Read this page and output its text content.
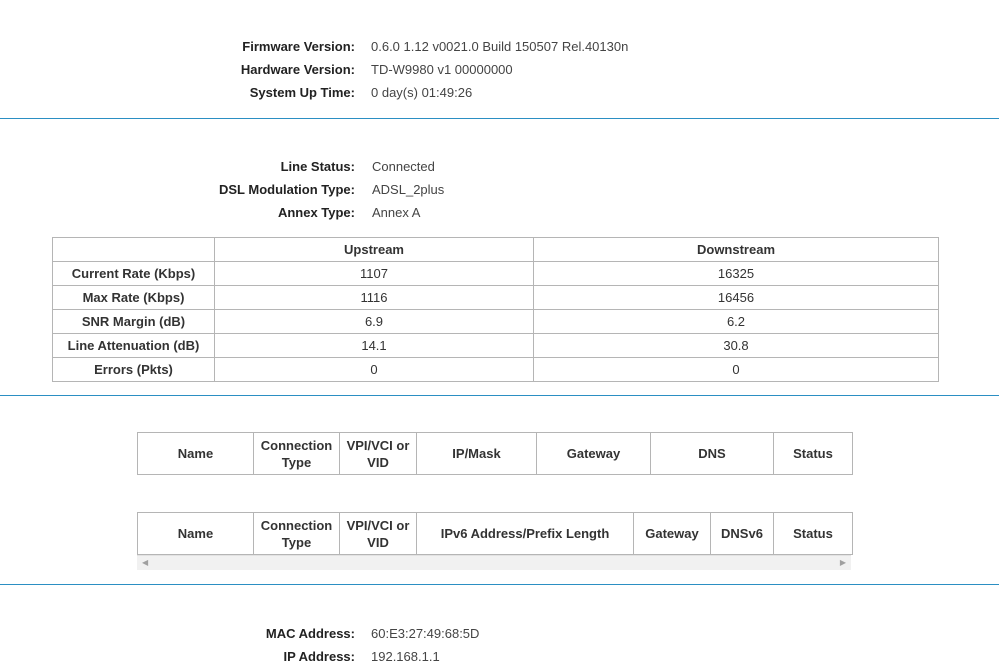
Firmware Version: 0.6.0 1.12 v0021.0 Build 150507 Rel.40130n
Hardware Version: TD-W9980 v1 00000000
System Up Time: 0 day(s) 01:49:26
Line Status: Connected
DSL Modulation Type: ADSL_2plus
Annex Type: Annex A
	Upstream	Downstream
Current Rate (Kbps)	1107	16325
Max Rate (Kbps)	1116	16456
SNR Margin (dB)	6.9	6.2
Line Attenuation (dB)	14.1	30.8
Errors (Pkts)	0	0
Name	Connection Type	VPI/VCI or VID	IP/Mask	Gateway	DNS	Status
Name	Connection Type	VPI/VCI or VID	IPv6 Address/Prefix Length	Gateway	DNSv6	Status
◀	▶
MAC Address: 60:E3:27:49:68:5D
IP Address: 192.168.1.1
